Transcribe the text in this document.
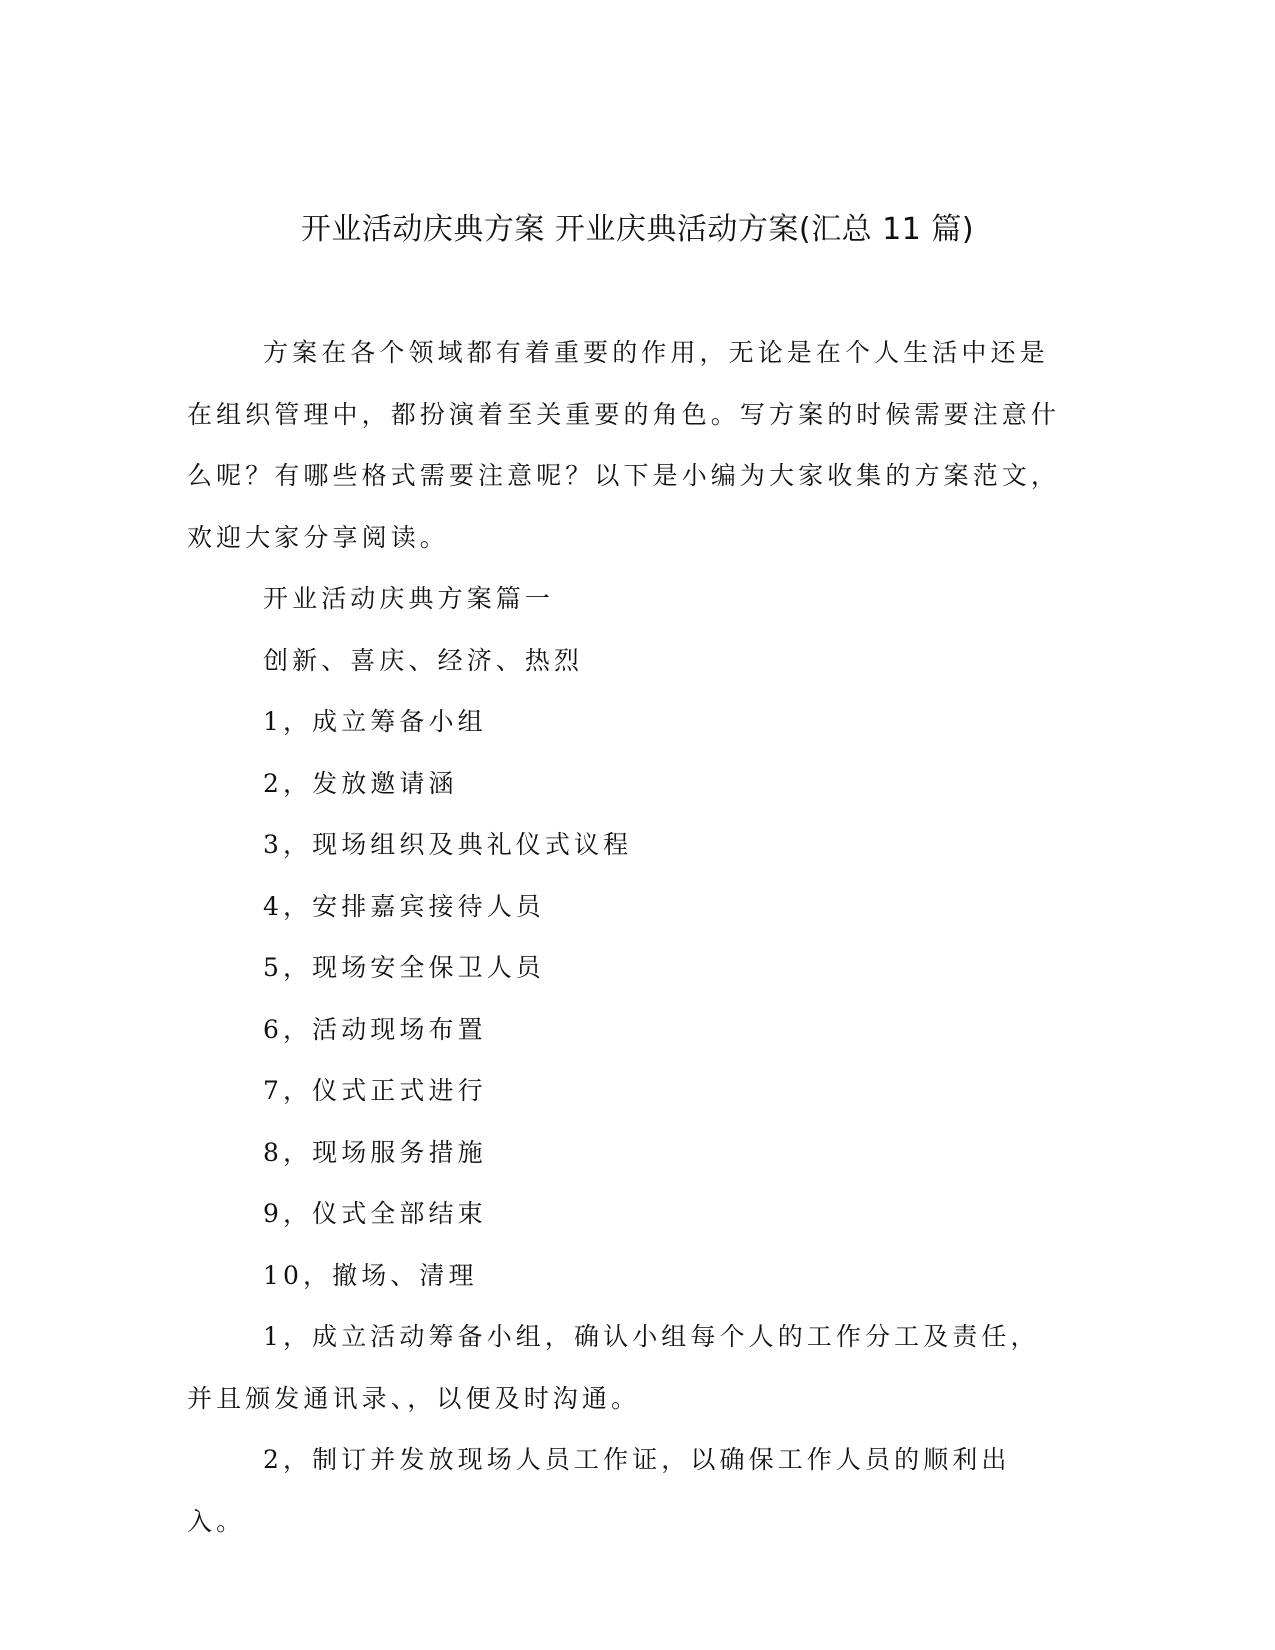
开业活动庆典方案 开业庆典活动方案(汇总 11 篇)

方案在各个领域都有着重要的作用，无论是在个人生活中还是在组织管理中，都扮演着至关重要的角色。写方案的时候需要注意什么呢？有哪些格式需要注意呢？以下是小编为大家收集的方案范文，欢迎大家分享阅读。

开业活动庆典方案篇一

创新、喜庆、经济、热烈

1，成立筹备小组

2，发放邀请涵

3，现场组织及典礼仪式议程

4，安排嘉宾接待人员

5，现场安全保卫人员

6，活动现场布置

7，仪式正式进行

8，现场服务措施

9，仪式全部结束

10，撤场、清理

1，成立活动筹备小组，确认小组每个人的工作分工及责任，并且颁发通讯录、，以便及时沟通。

2，制订并发放现场人员工作证，以确保工作人员的顺利出入。
